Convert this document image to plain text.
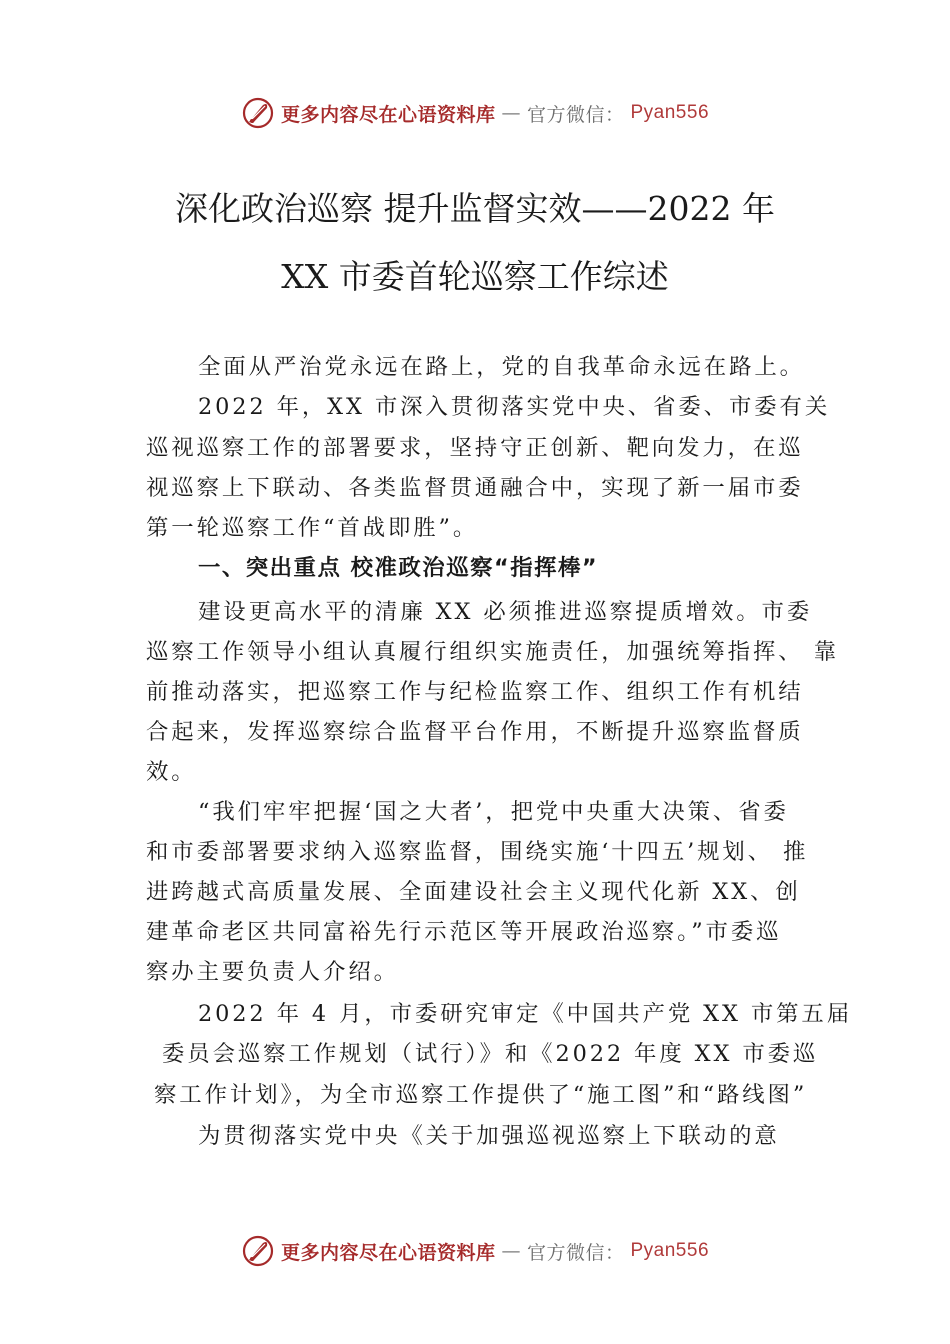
更多内容尽在心语资料库 — 官方微信： Pyan556
深化政治巡察 提升监督实效——2022 年
XX 市委首轮巡察工作综述
全面从严治党永远在路上，党的自我革命永远在路上。
2022 年，XX 市深入贯彻落实党中央、省委、市委有关
巡视巡察工作的部署要求，坚持守正创新、靶向发力，在巡
视巡察上下联动、各类监督贯通融合中，实现了新一届市委
第一轮巡察工作“首战即胜”。
一、突出重点 校准政治巡察“指挥棒”
建设更高水平的清廉 XX 必须推进巡察提质增效。市委
巡察工作领导小组认真履行组织实施责任，加强统筹指挥、 靠
前推动落实，把巡察工作与纪检监察工作、组织工作有机结
合起来，发挥巡察综合监督平台作用，不断提升巡察监督质
效。
“我们牢牢把握‘国之大者’，把党中央重大决策、省委
和市委部署要求纳入巡察监督，围绕实施‘十四五’规划、 推
进跨越式高质量发展、全面建设社会主义现代化新 XX、创
建革命老区共同富裕先行示范区等开展政治巡察。”市委巡
察办主要负责人介绍。
2022 年 4 月，市委研究审定《中国共产党 XX 市第五届
委员会巡察工作规划（试行）》和《2022 年度 XX 市委巡
察工作计划》，为全市巡察工作提供了“施工图”和“路线图”
为贯彻落实党中央《关于加强巡视巡察上下联动的意
更多内容尽在心语资料库 — 官方微信： Pyan556
